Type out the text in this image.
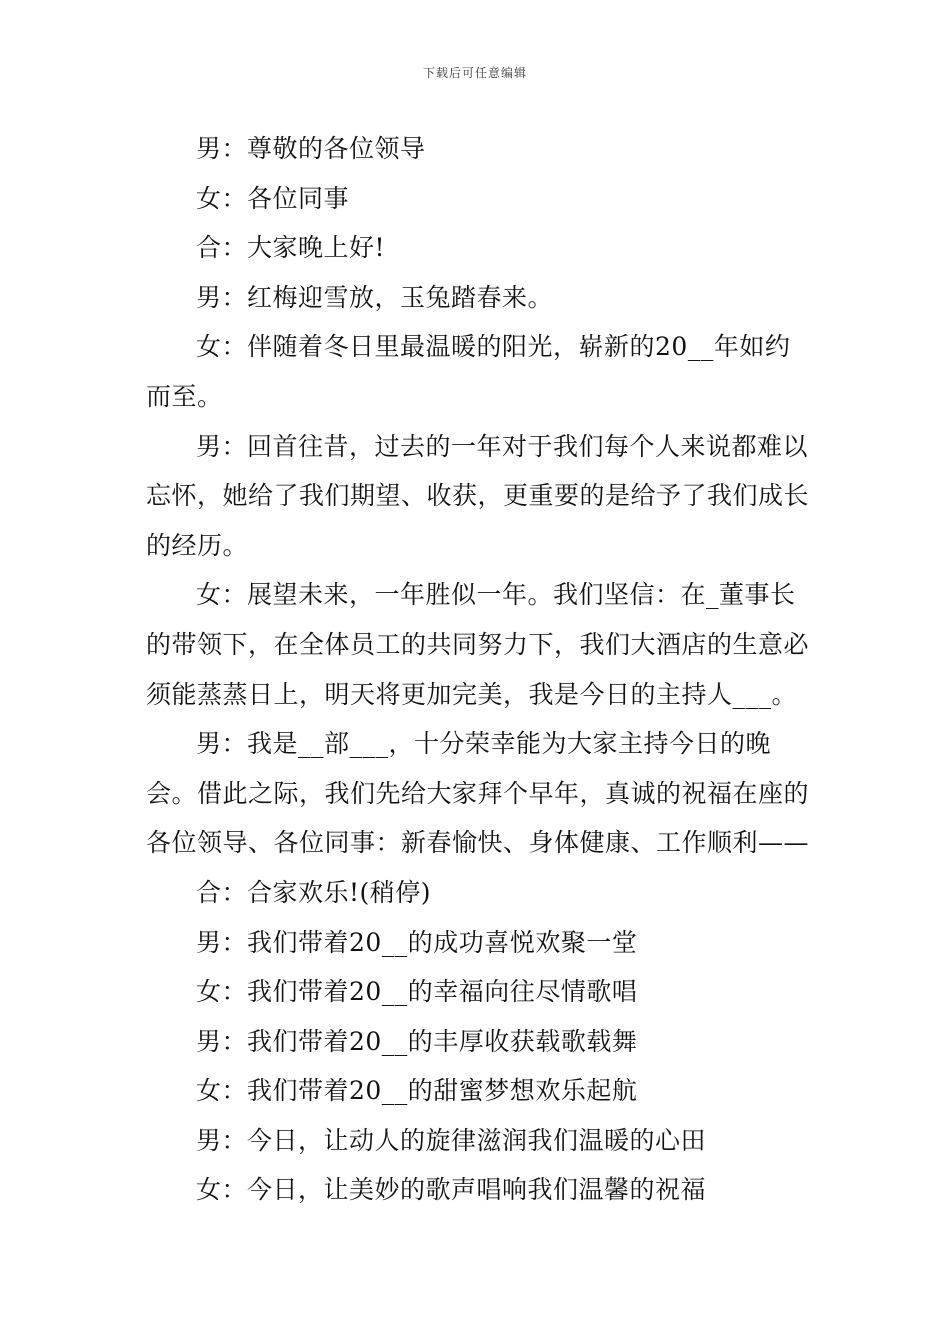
下载后可任意编辑

男：尊敬的各位领导

女：各位同事

合：大家晚上好!

男：红梅迎雪放，玉兔踏春来。

女：伴随着冬日里最温暖的阳光，崭新的20__年如约而至。

男：回首往昔，过去的一年对于我们每个人来说都难以忘怀，她给了我们期望、收获，更重要的是给予了我们成长的经历。

女：展望未来，一年胜似一年。我们坚信：在_董事长的带领下，在全体员工的共同努力下，我们大酒店的生意必须能蒸蒸日上，明天将更加完美，我是今日的主持人___。

男：我是__部___，十分荣幸能为大家主持今日的晚会。借此之际，我们先给大家拜个早年，真诚的祝福在座的各位领导、各位同事：新春愉快、身体健康、工作顺利——

合：合家欢乐!(稍停)

男：我们带着20__的成功喜悦欢聚一堂

女：我们带着20__的幸福向往尽情歌唱

男：我们带着20__的丰厚收获载歌载舞

女：我们带着20__的甜蜜梦想欢乐起航

男：今日，让动人的旋律滋润我们温暖的心田

女：今日，让美妙的歌声唱响我们温馨的祝福
